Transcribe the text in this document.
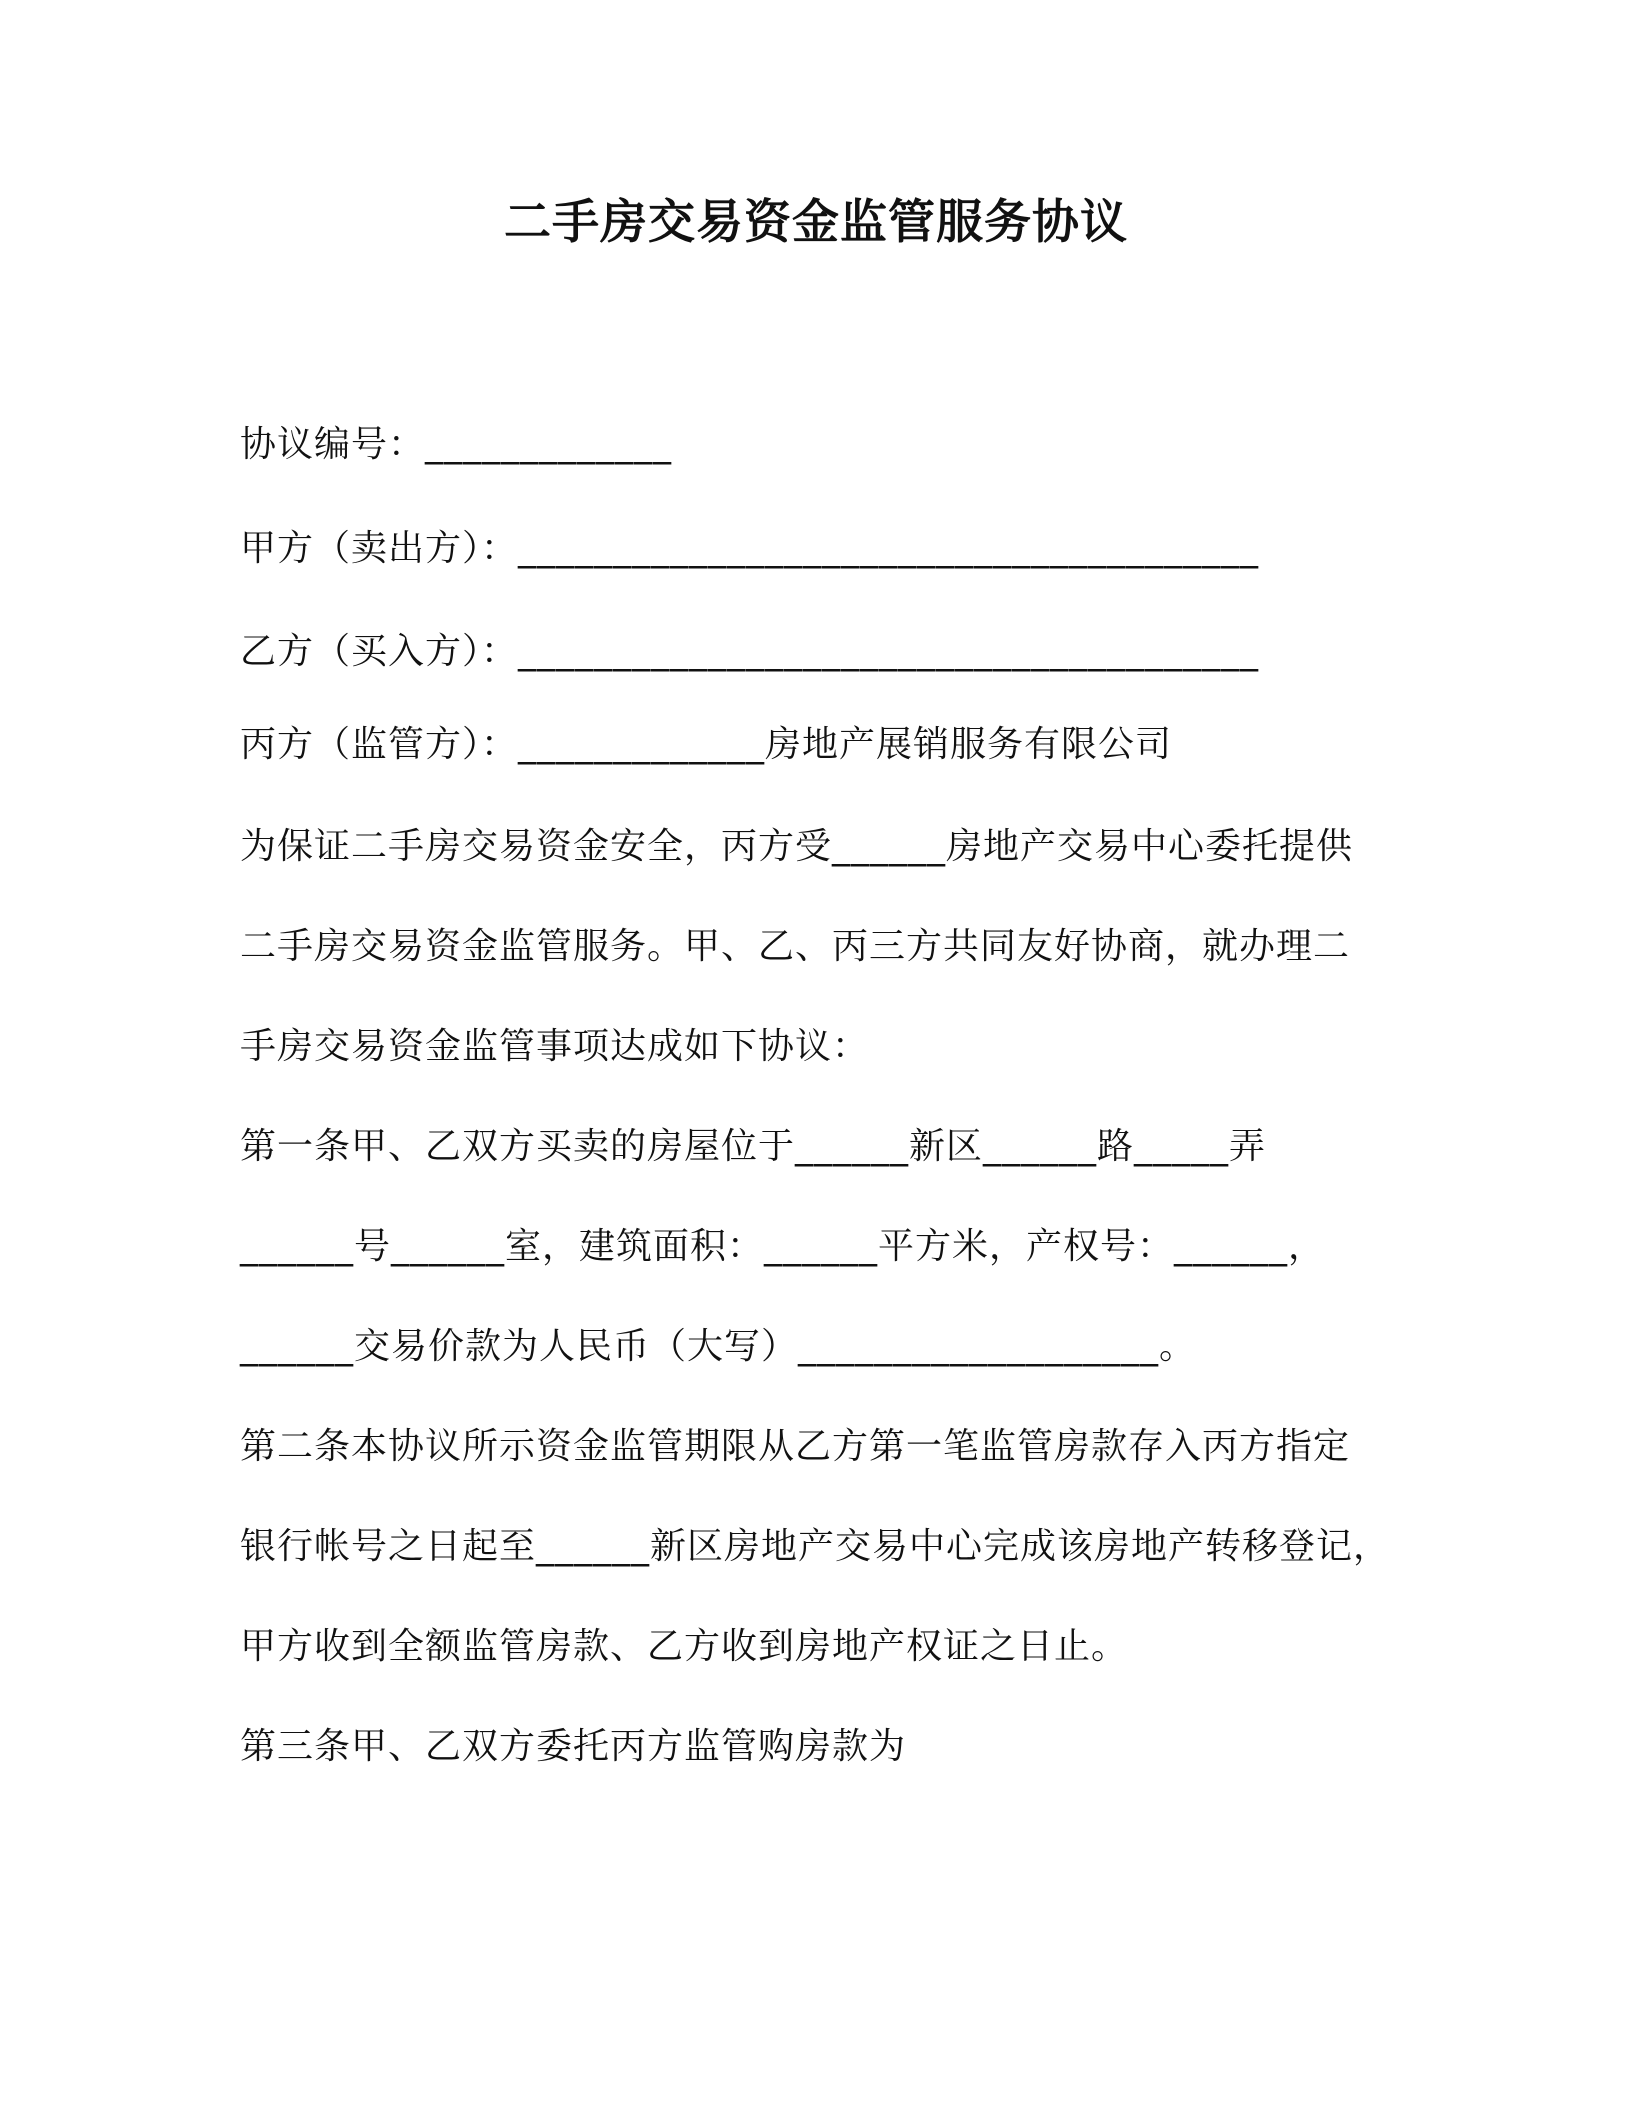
二手房交易资金监管服务协议
协议编号：_____________
甲方（卖出方）：_______________________________________
乙方（买入方）：_______________________________________
丙方（监管方）：_____________房地产展销服务有限公司
为保证二手房交易资金安全，丙方受______房地产交易中心委托提供
二手房交易资金监管服务。甲、乙、丙三方共同友好协商，就办理二
手房交易资金监管事项达成如下协议：
第一条甲、乙双方买卖的房屋位于______新区______路_____弄
______号______室，建筑面积：______平方米，产权号：______，
______交易价款为人民币（大写）___________________。
第二条本协议所示资金监管期限从乙方第一笔监管房款存入丙方指定
银行帐号之日起至______新区房地产交易中心完成该房地产转移登记，
甲方收到全额监管房款、乙方收到房地产权证之日止。
第三条甲、乙双方委托丙方监管购房款为
